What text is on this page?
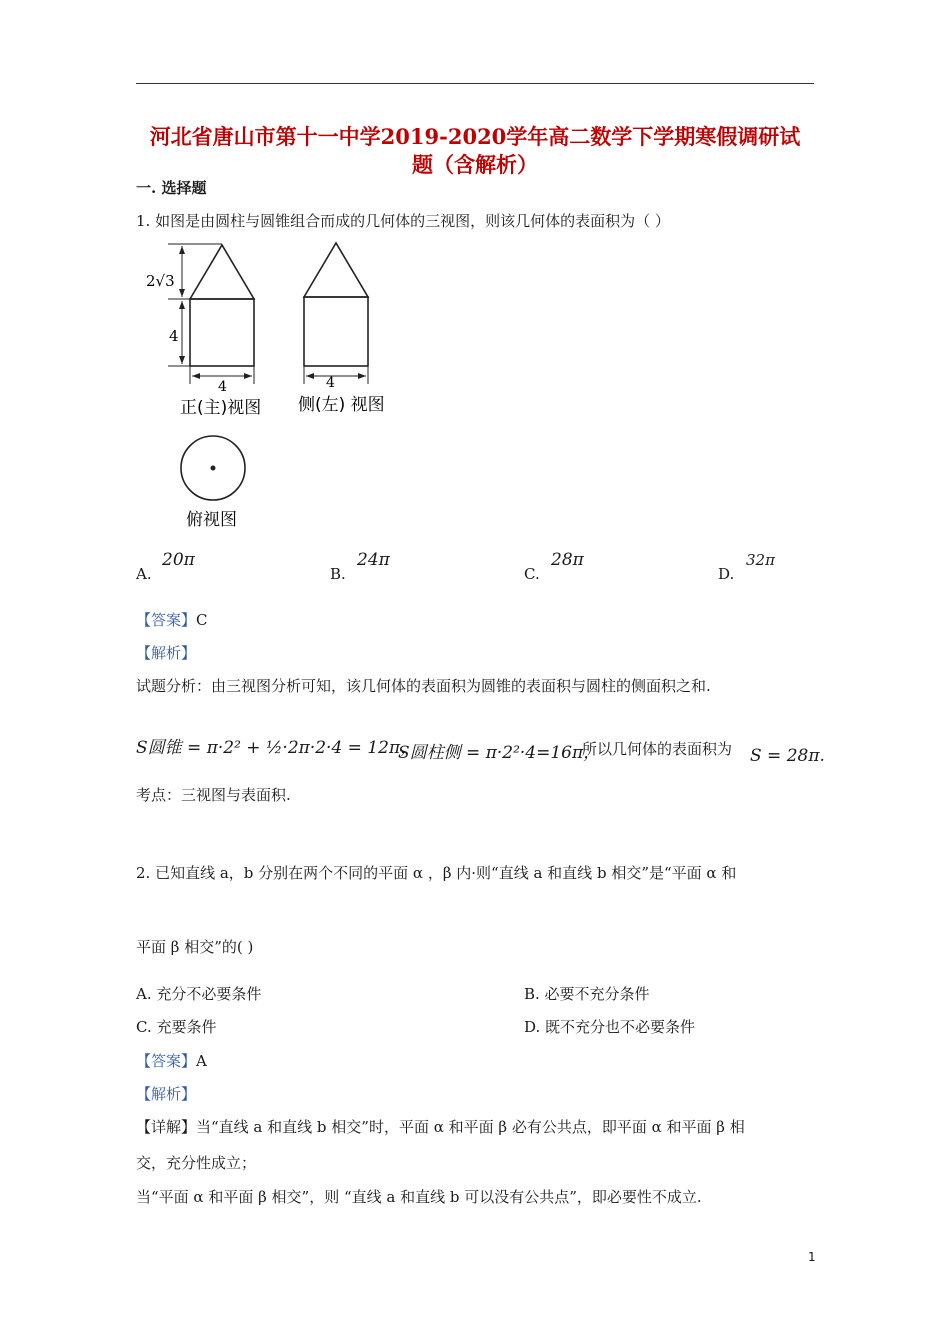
河北省唐山市第十一中学2019-2020学年高二数学下学期寒假调研试
题（含解析）
一. 选择题
1. 如图是由圆柱与圆锥组合而成的几何体的三视图，则该几何体的表面积为（ ）
2√3
4
4
正(主)视图
4
侧(左) 视图
俯视图
A.
20π
B.
24π
C.
28π
D.
32π
【答案】C
【解析】
试题分析：由三视图分析可知，该几何体的表面积为圆锥的表面积与圆柱的侧面积之和.
S圆锥 = π·2² + ½·2π·2·4 = 12π，
S圆柱侧 = π·2²·4=16π，
所以几何体的表面积为 S = 28π.
考点：三视图与表面积.
2. 已知直线 a，b 分别在两个不同的平面 α ，β 内·则“直线 a 和直线 b 相交”是“平面 α 和
平面 β 相交”的( )
A. 充分不必要条件	B. 必要不充分条件
C. 充要条件	D. 既不充分也不必要条件
【答案】A
【解析】
【详解】当“直线 a 和直线 b 相交”时，平面 α 和平面 β 必有公共点，即平面 α 和平面 β 相
交，充分性成立；
当“平面 α 和平面 β 相交”，则 “直线 a 和直线 b 可以没有公共点”，即必要性不成立.
1
